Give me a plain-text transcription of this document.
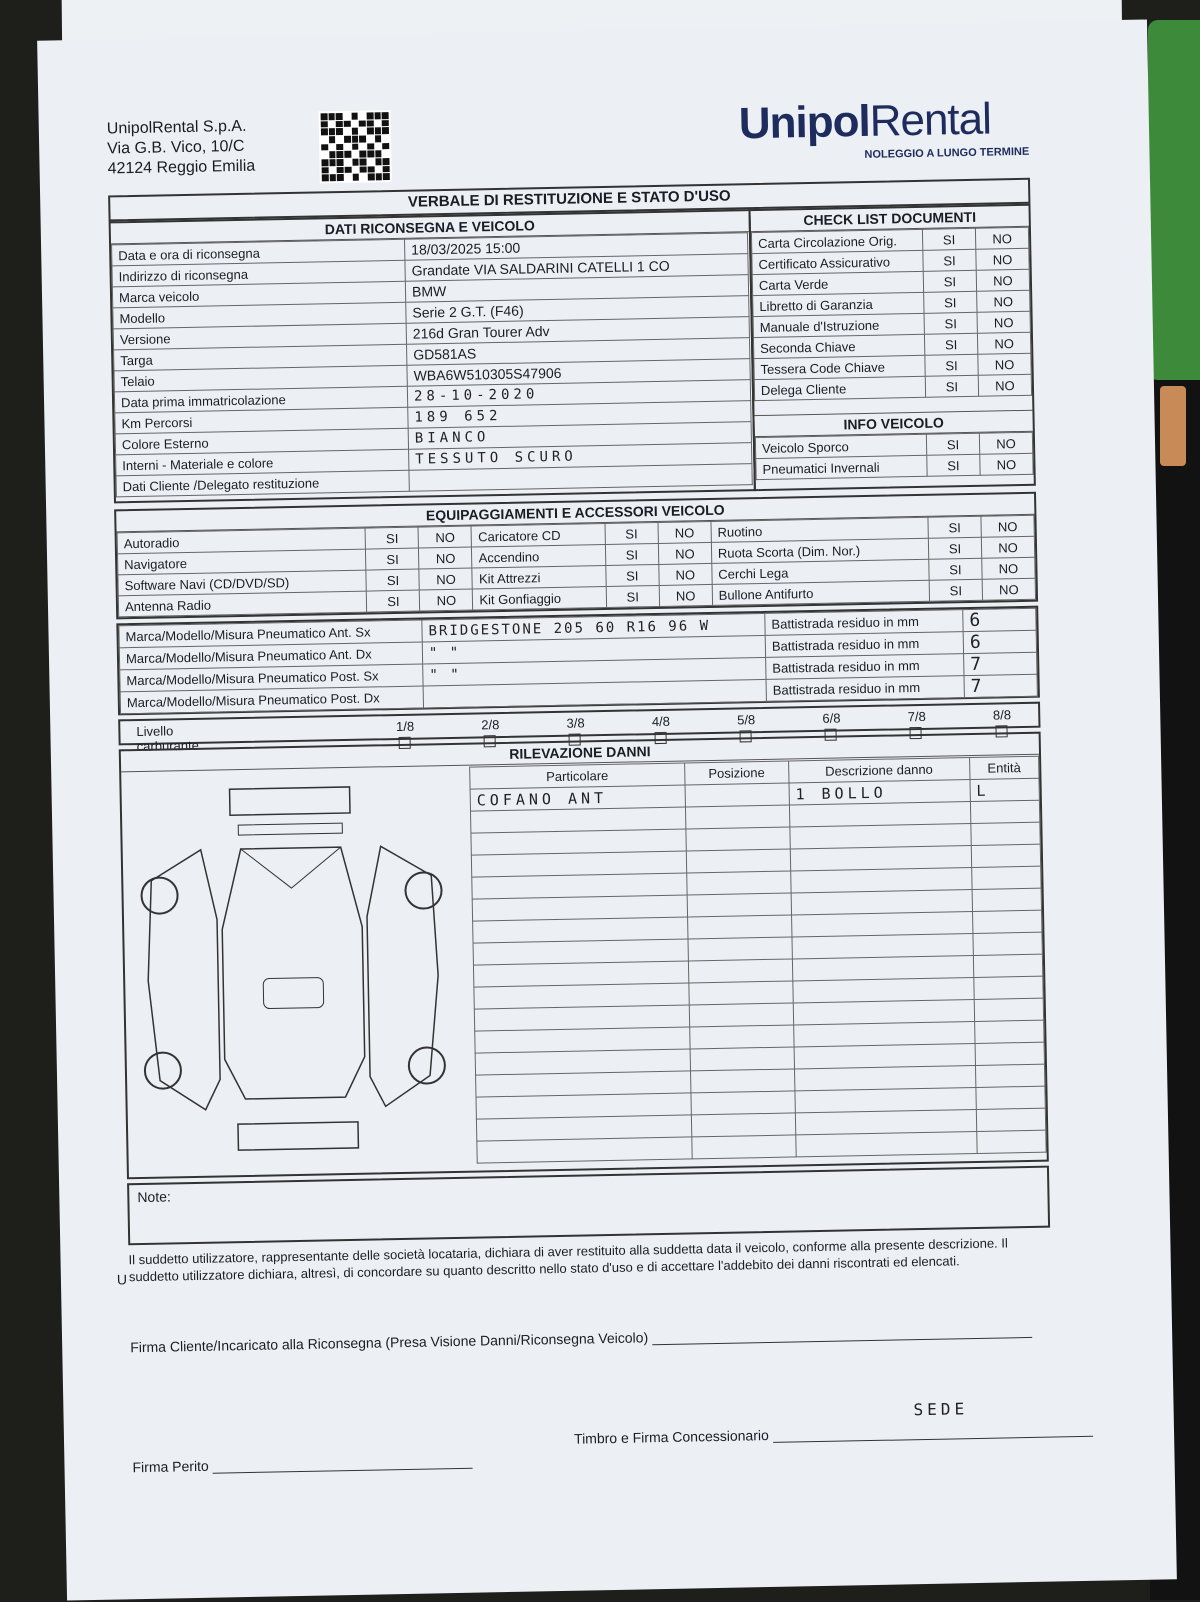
UnipolRental S.p.A.
Via G.B. Vico, 10/C
42124 Reggio Emilia
UnipolRental
NOLEGGIO A LUNGO TERMINE
VERBALE DI RESTITUZIONE E STATO D'USO
DATI RICONSEGNA E VEICOLO
Data e ora di riconsegna	18/03/2025 15:00
Indirizzo di riconsegna	Grandate VIA SALDARINI CATELLI 1 CO
Marca veicolo	BMW
Modello	Serie 2 G.T. (F46)
Versione	216d Gran Tourer Adv
Targa	GD581AS
Telaio	WBA6W510305S47906
Data prima immatricolazione	28-10-2020
Km Percorsi	189 652
Colore Esterno	BIANCO
Interni - Materiale e colore	TESSUTO SCURO
Dati Cliente /Delegato restituzione	
CHECK LIST DOCUMENTI
Carta Circolazione Orig.	SI	NO
Certificato Assicurativo	SI	NO
Carta Verde	SI	NO
Libretto di Garanzia	SI	NO
Manuale d'Istruzione	SI	NO
Seconda Chiave	SI	NO
Tessera Code Chiave	SI	NO
Delega Cliente	SI	NO
INFO VEICOLO
Veicolo Sporco	SI	NO
Pneumatici Invernali	SI	NO
EQUIPAGGIAMENTI E ACCESSORI VEICOLO
Autoradio	SI	NO	Caricatore CD	SI	NO	Ruotino	SI	NO
Navigatore	SI	NO	Accendino	SI	NO	Ruota Scorta (Dim. Nor.)	SI	NO
Software Navi (CD/DVD/SD)	SI	NO	Kit Attrezzi	SI	NO	Cerchi Lega	SI	NO
Antenna Radio	SI	NO	Kit Gonfiaggio	SI	NO	Bullone Antifurto	SI	NO
Marca/Modello/Misura Pneumatico Ant. Sx	BRIDGESTONE 205 60 R16 96 W	Battistrada residuo in mm	6
Marca/Modello/Misura Pneumatico Ant. Dx	" "	Battistrada residuo in mm	6
Marca/Modello/Misura Pneumatico Post. Sx	" "	Battistrada residuo in mm	7
Marca/Modello/Misura Pneumatico Post. Dx		Battistrada residuo in mm	7
Livello carburante
1/8	2/8	3/8	4/8	5/8	6/8	7/8	8/8
RILEVAZIONE DANNI
Particolare	Posizione	Descrizione danno	Entità
COFANO ANT		1 BOLLO	L

Note:
Il suddetto utilizzatore, rappresentante delle società locataria, dichiara di aver restituito alla suddetta data il veicolo, conforme alla presente descrizione. Il suddetto utilizzatore dichiara, altresì, di concordare su quanto descritto nello stato d'uso e di accettare l'addebito dei danni riscontrati ed elencati.
Firma Cliente/Incaricato alla Riconsegna (Presa Visione Danni/Riconsegna Veicolo)
Firma Perito
Timbro e Firma Concessionario
SEDE
U
